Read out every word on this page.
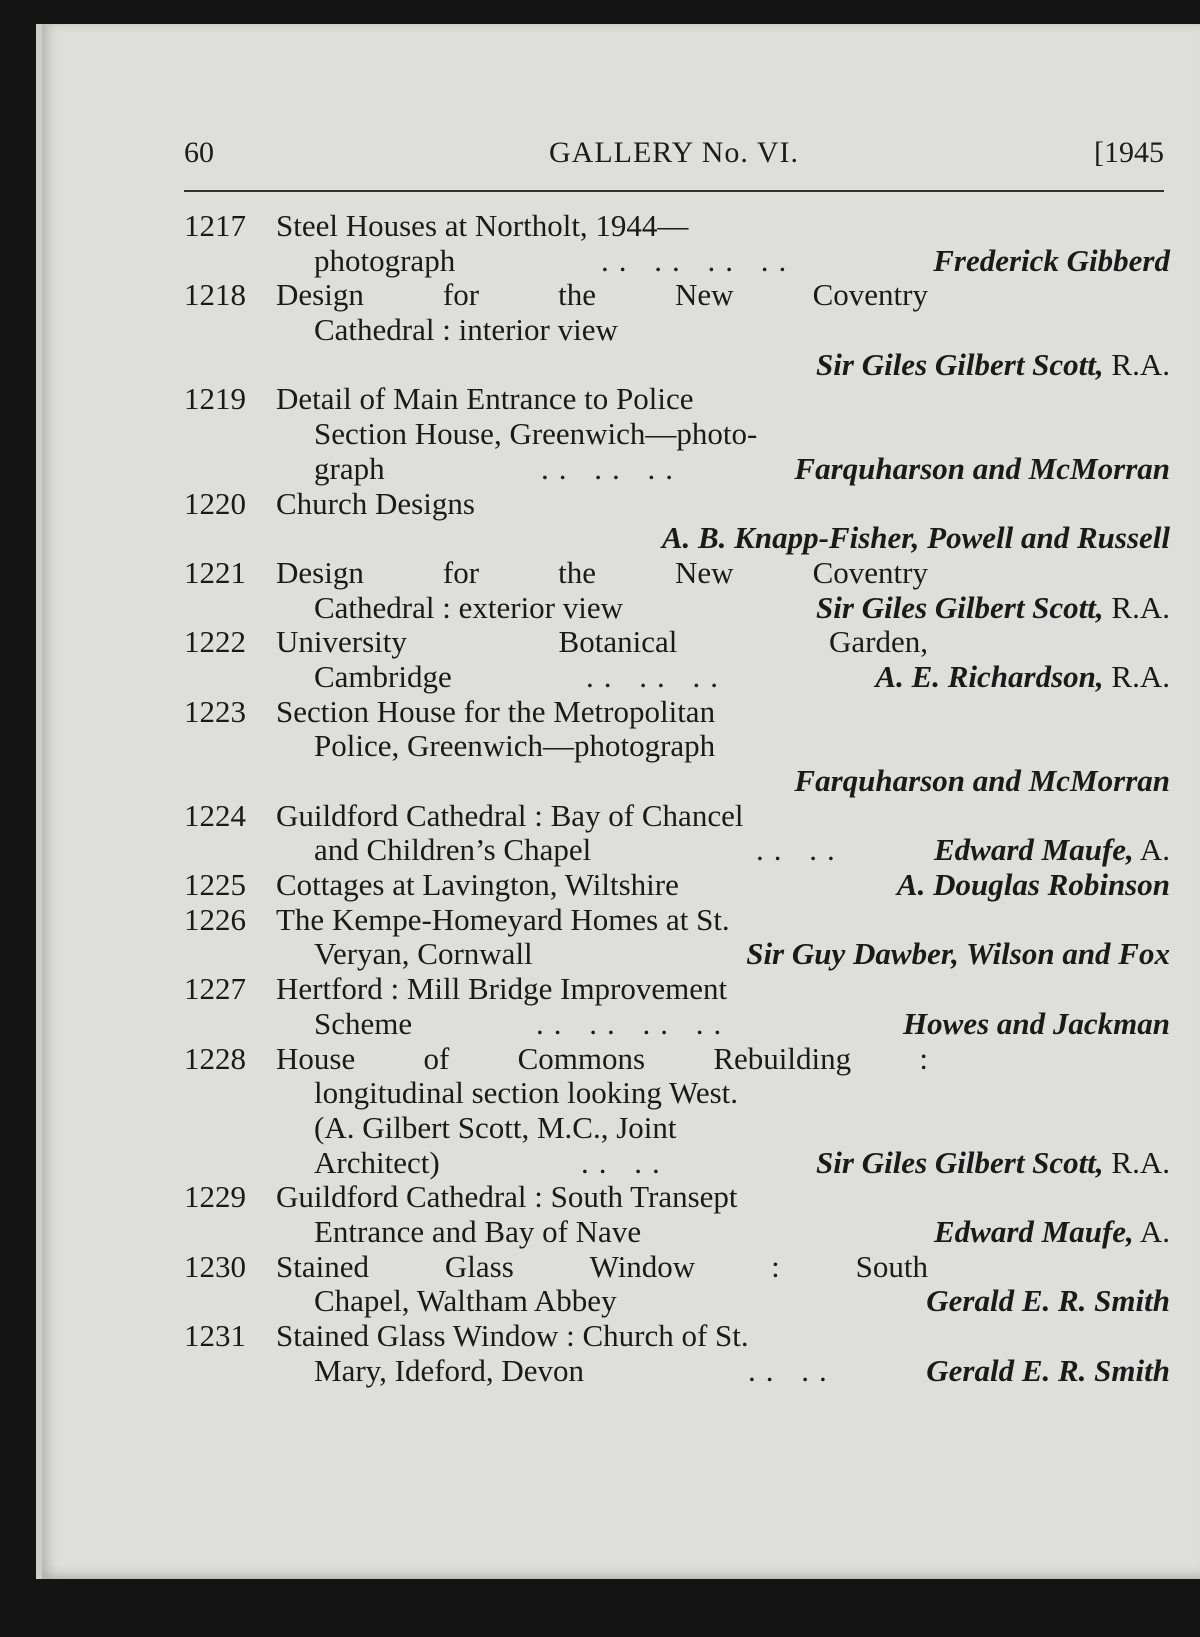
60	GALLERY No. VI.	[1945
1217 Steel Houses at Northolt, 1944—
photograph	.. .. .. ..	Frederick Gibberd
1218 Design	for	the	New	Coventry
Cathedral : interior view
Sir Giles Gilbert Scott, R.A.
1219 Detail of Main Entrance to Police
Section House, Greenwich—photo-
graph	.. .. ..	Farquharson and McMorran
1220 Church Designs
A. B. Knapp-Fisher, Powell and Russell
1221 Design	for	the	New	Coventry
Cathedral : exterior view	Sir Giles Gilbert Scott, R.A.
1222 University	Botanical	Garden,
Cambridge	.. .. ..	A. E. Richardson, R.A.
1223 Section House for the Metropolitan
Police, Greenwich—photograph
Farquharson and McMorran
1224 Guildford Cathedral : Bay of Chancel
and Children’s Chapel	.. ..	Edward Maufe, A.
1225 Cottages at Lavington, Wiltshire	A. Douglas Robinson
1226 The Kempe-Homeyard Homes at St.
Veryan, Cornwall	Sir Guy Dawber, Wilson and Fox
1227 Hertford : Mill Bridge Improvement
Scheme	.. .. .. ..	Howes and Jackman
1228 House of Commons Rebuilding :
longitudinal section looking West.
(A. Gilbert Scott, M.C., Joint
Architect)	.. ..	Sir Giles Gilbert Scott, R.A.
1229 Guildford Cathedral : South Transept
Entrance and Bay of Nave	Edward Maufe, A.
1230 Stained Glass Window : South
Chapel, Waltham Abbey	Gerald E. R. Smith
1231 Stained Glass Window : Church of St.
Mary, Ideford, Devon	.. ..	Gerald E. R. Smith
